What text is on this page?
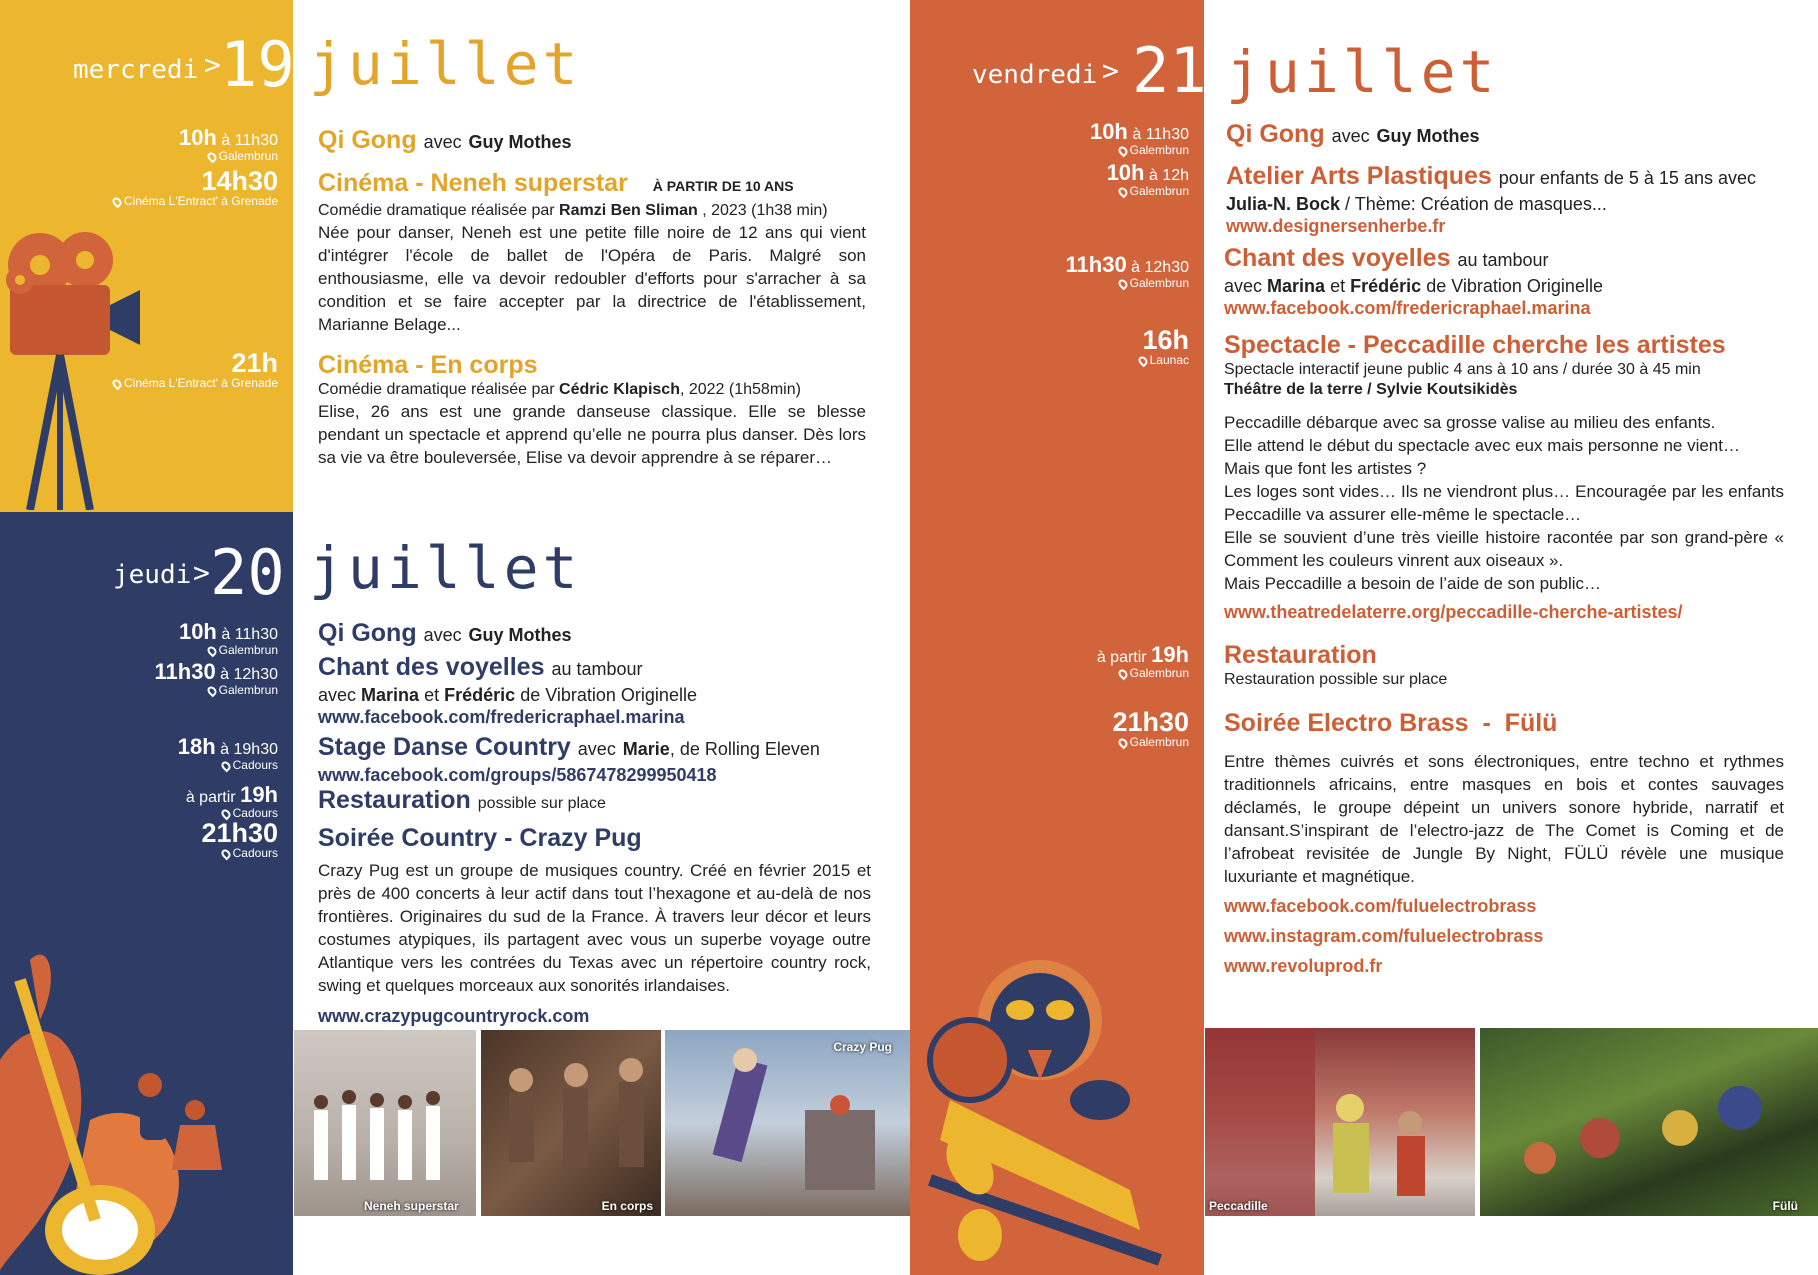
mercredi > 19 juillet
10h à 11h30
Galembrun
14h30
Cinéma L'Entract' à Grenade
21h
Cinéma L'Entract' à Grenade
Qi Gong avec Guy Mothes
Cinéma - Neneh superstar À PARTIR DE 10 ANS
Comédie dramatique réalisée par Ramzi Ben Sliman , 2023 (1h38 min)
Née pour danser, Neneh est une petite fille noire de 12 ans qui vient d'intégrer l'école de ballet de l'Opéra de Paris. Malgré son enthousiasme, elle va devoir redoubler d'efforts pour s'arracher à sa condition et se faire accepter par la directrice de l'établissement, Marianne Belage...
Cinéma - En corps
Comédie dramatique réalisée par Cédric Klapisch, 2022 (1h58min)
Elise, 26 ans est une grande danseuse classique. Elle se blesse pendant un spectacle et apprend qu’elle ne pourra plus danser. Dès lors sa vie va être bouleversée, Elise va devoir apprendre à se réparer…
jeudi > 20 juillet
10h à 11h30
Galembrun
11h30 à 12h30
Galembrun
18h à 19h30
Cadours
à partir 19h
Cadours
21h30
Cadours
Qi Gong avec Guy Mothes
Chant des voyelles au tambour
avec Marina et Frédéric de Vibration Originelle
www.facebook.com/fredericraphael.marina
Stage Danse Country avec Marie, de Rolling Eleven
www.facebook.com/groups/5867478299950418
Restauration possible sur place
Soirée Country - Crazy Pug
Crazy Pug est un groupe de musiques country. Créé en février 2015 et près de 400 concerts à leur actif dans tout l’hexagone et au-delà de nos frontières. Originaires du sud de la France. À travers leur décor et leurs costumes atypiques, ils partagent avec vous un superbe voyage outre Atlantique vers les contrées du Texas avec un répertoire country rock, swing et quelques morceaux aux sonorités irlandaises.
www.crazypugcountryrock.com
Neneh superstar	En corps
Crazy Pug
vendredi > 21 juillet
10h à 11h30
Galembrun
10h à 12h
Galembrun
11h30 à 12h30
Galembrun
16h
Launac
à partir 19h
Galembrun
21h30
Galembrun
Qi Gong avec Guy Mothes
Atelier Arts Plastiques pour enfants de 5 à 15 ans avec
Julia-N. Bock / Thème: Création de masques...
www.designersenherbe.fr
Chant des voyelles au tambour
avec Marina et Frédéric de Vibration Originelle
www.facebook.com/fredericraphael.marina
Spectacle - Peccadille cherche les artistes
Spectacle interactif jeune public 4 ans à 10 ans / durée 30 à 45 min
Théâtre de la terre / Sylvie Koutsikidès
Peccadille débarque avec sa grosse valise au milieu des enfants.
Elle attend le début du spectacle avec eux mais personne ne vient…
Mais que font les artistes ?
Les loges sont vides… Ils ne viendront plus… Encouragée par les enfants Peccadille va assurer elle-même le spectacle…
Elle se souvient d’une très vieille histoire racontée par son grand-père « Comment les couleurs vinrent aux oiseaux ».
Mais Peccadille a besoin de l’aide de son public…
www.theatredelaterre.org/peccadille-cherche-artistes/
Restauration
Restauration possible sur place
Soirée Electro Brass  -  Fülü
Entre thèmes cuivrés et sons électroniques, entre techno et rythmes traditionnels africains, entre masques en bois et contes sauvages déclamés, le groupe dépeint un univers sonore hybride, narratif et dansant.S’inspirant de l’electro-jazz de The Comet is Coming et de l’afrobeat revisitée de Jungle By Night, FÜLÜ révèle une musique luxuriante et magnétique.
www.facebook.com/fuluelectrobrass
www.instagram.com/fuluelectrobrass
www.revoluprod.fr
Peccadille	Fülü
